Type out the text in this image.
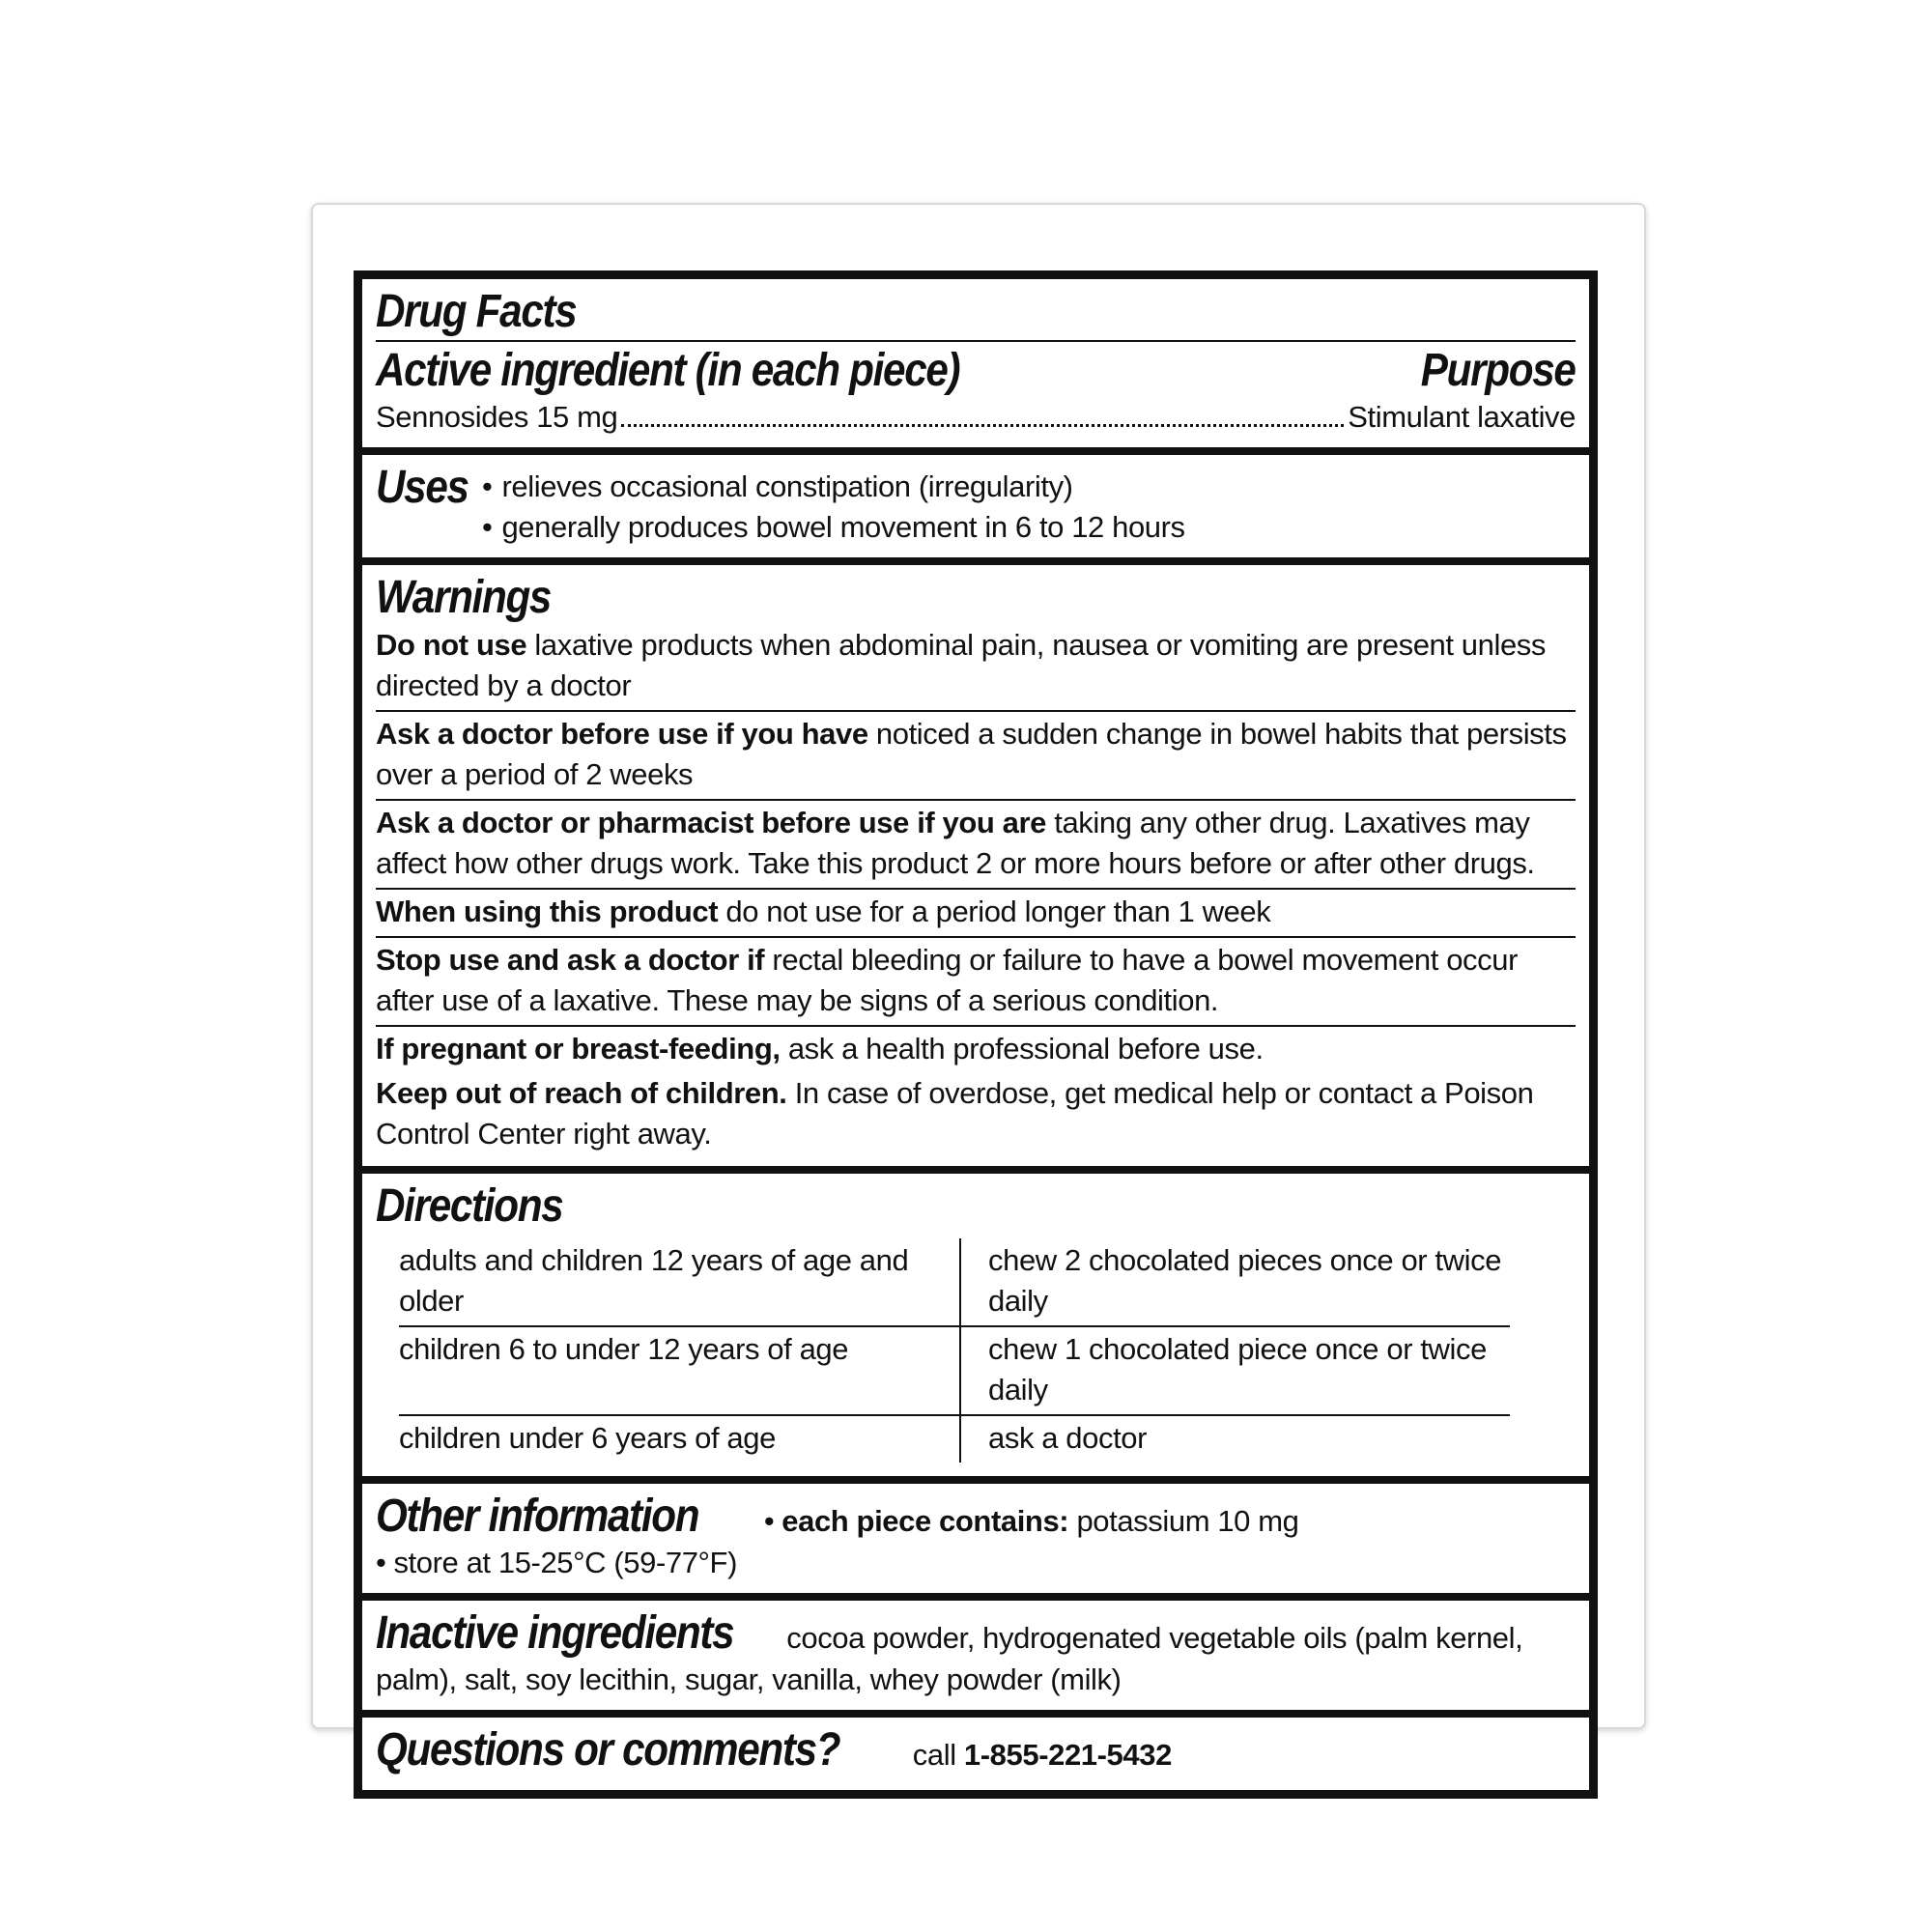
Drug Facts
Active ingredient (in each piece)	Purpose
Sennosides 15 mg	Stimulant laxative
Uses	• relieves occasional constipation (irregularity)
• generally produces bowel movement in 6 to 12 hours
Warnings
Do not use laxative products when abdominal pain, nausea or vomiting are present unless directed by a doctor
Ask a doctor before use if you have noticed a sudden change in bowel habits that persists over a period of 2 weeks
Ask a doctor or pharmacist before use if you are taking any other drug. Laxatives may affect how other drugs work. Take this product 2 or more hours before or after other drugs.
When using this product do not use for a period longer than 1 week
Stop use and ask a doctor if rectal bleeding or failure to have a bowel movement occur after use of a laxative. These may be signs of a serious condition.
If pregnant or breast-feeding, ask a health professional before use.
Keep out of reach of children. In case of overdose, get medical help or contact a Poison Control Center right away.
Directions
adults and children 12 years of age and older	chew 2 chocolated pieces once or twice daily
children 6 to under 12 years of age	chew 1 chocolated piece once or twice daily
children under 6 years of age	ask a doctor
Other information	• each piece contains: potassium 10 mg
• store at 15-25°C (59-77°F)
Inactive ingredients cocoa powder, hydrogenated vegetable oils (palm kernel, palm), salt, soy lecithin, sugar, vanilla, whey powder (milk)
Questions or comments? call 1-855-221-5432
